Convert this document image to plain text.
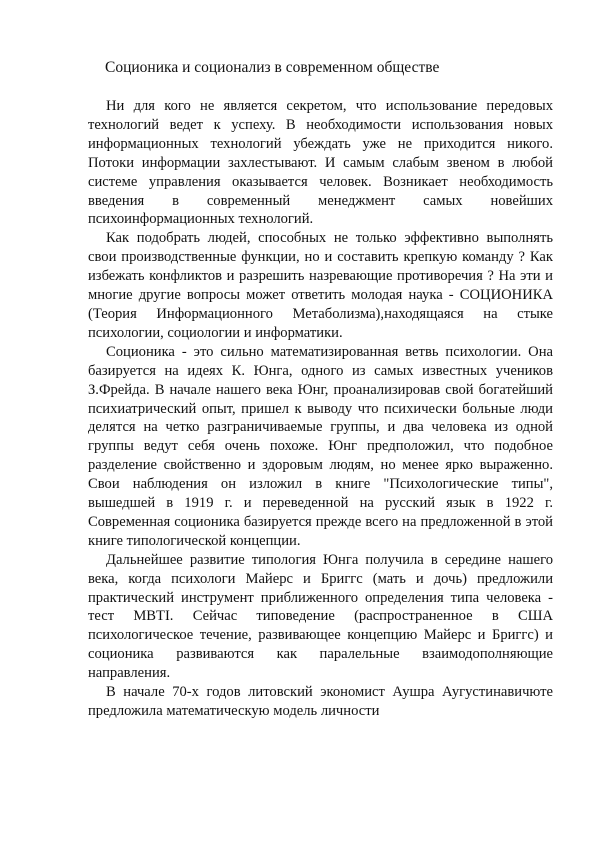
Соционика и соционализ в современном обществе

Ни для кого не является секретом, что использование передовых технологий ведет к успеху. В необходимости использования новых информационных технологий убеждать уже не приходится никого. Потоки информации захлестывают. И самым слабым звеном в любой системе управления оказывается человек. Возникает необходимость введения в современный менеджмент самых новейших психоинформационных технологий.

Как подобрать людей, способных не только эффективно выполнять свои производственные функции, но и составить крепкую команду ? Как избежать конфликтов и разрешить назревающие противоречия ? На эти и многие другие вопросы может ответить молодая наука - СОЦИОНИКА (Теория Информационного Метаболизма),находящаяся на стыке психологии, социологии и информатики.

Соционика - это сильно математизированная ветвь психологии. Она базируется на идеях К. Юнга, одного из самых известных учеников З.Фрейда. В начале нашего века Юнг, проанализировав свой богатейший психиатрический опыт, пришел к выводу что психически больные люди делятся на четко разграничиваемые группы, и два человека из одной группы ведут себя очень похоже. Юнг предположил, что подобное разделение свойственно и здоровым людям, но менее ярко выраженно. Свои наблюдения он изложил в книге "Психологические типы", вышедшей в 1919 г. и переведенной на русский язык в 1922 г. Современная соционика базируется прежде всего на предложенной в этой книге типологической концепции.

Дальнейшее развитие типология Юнга получила в середине нашего века, когда психологи Майерс и Бриггс (мать и дочь) предложили практический инструмент приближенного определения типа человека - тест MBTI. Сейчас типоведение (распространенное в США психологическое течение, развивающее концепцию Майерс и Бриггс) и соционика развиваются как паралельные взаимодополняющие направления.

В начале 70-х годов литовский экономист Аушра Аугустинавичюте предложила математическую модель личности
